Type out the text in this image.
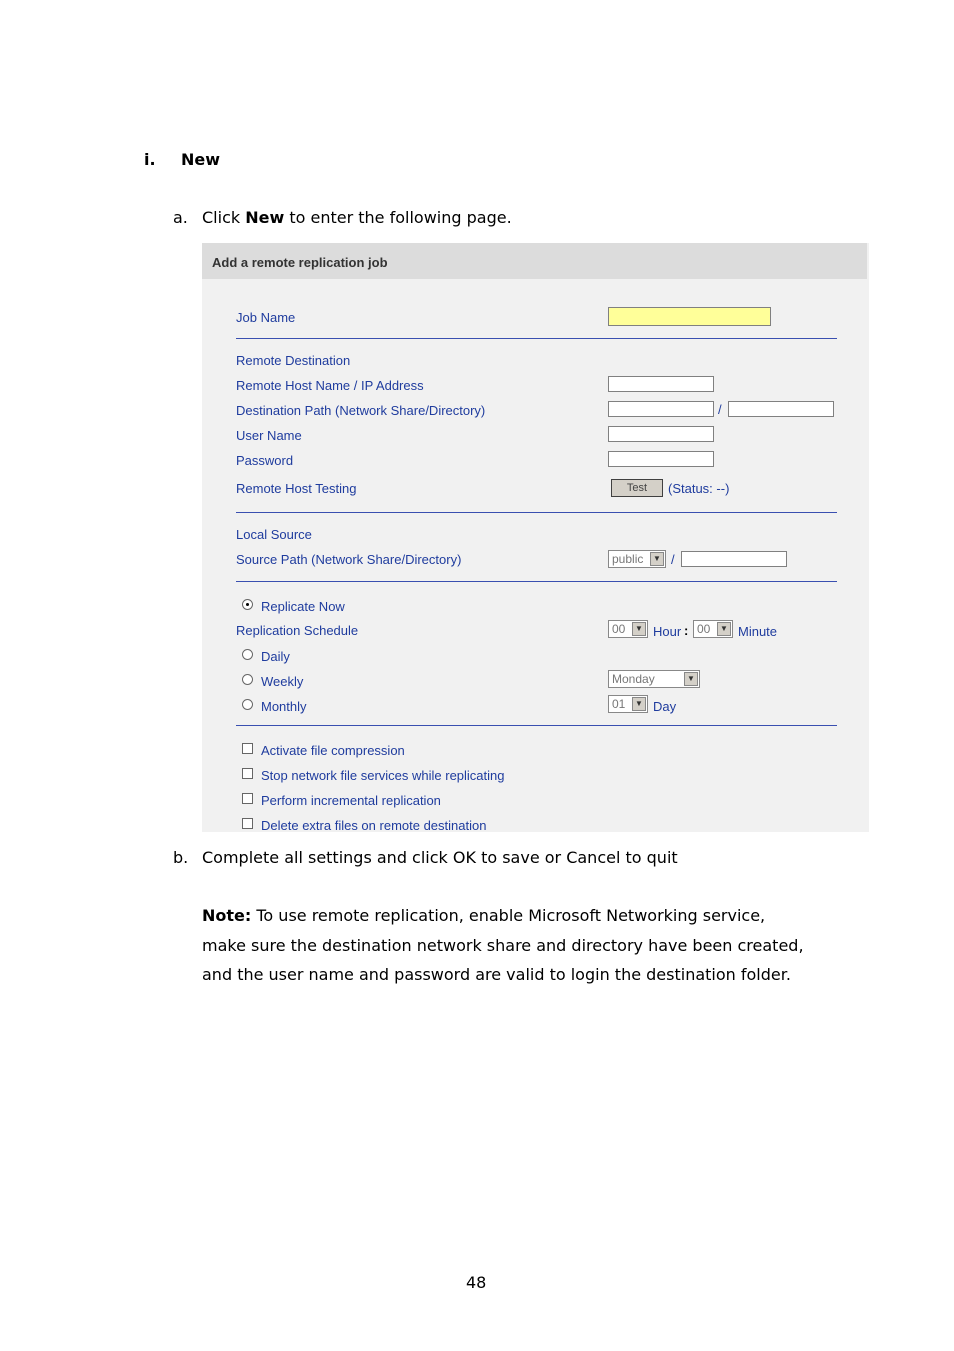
i. New
a. Click New to enter the following page.
Add a remote replication job
Job Name
Remote Destination
Remote Host Name / IP Address
Destination Path (Network Share/Directory)	/
User Name
Password
Remote Host Testing	Test	(Status: --)
Local Source
Source Path (Network Share/Directory)	public	▼ /
Replicate Now
Replication Schedule	00	▼ Hour : 00	▼ Minute
Daily
Weekly	Monday	▼
Monthly	01	▼ Day
Activate file compression
Stop network file services while replicating
Perform incremental replication
Delete extra files on remote destination
b. Complete all settings and click OK to save or Cancel to quit
Note: To use remote replication, enable Microsoft Networking service,
make sure the destination network share and directory have been created,
and the user name and password are valid to login the destination folder.
48
